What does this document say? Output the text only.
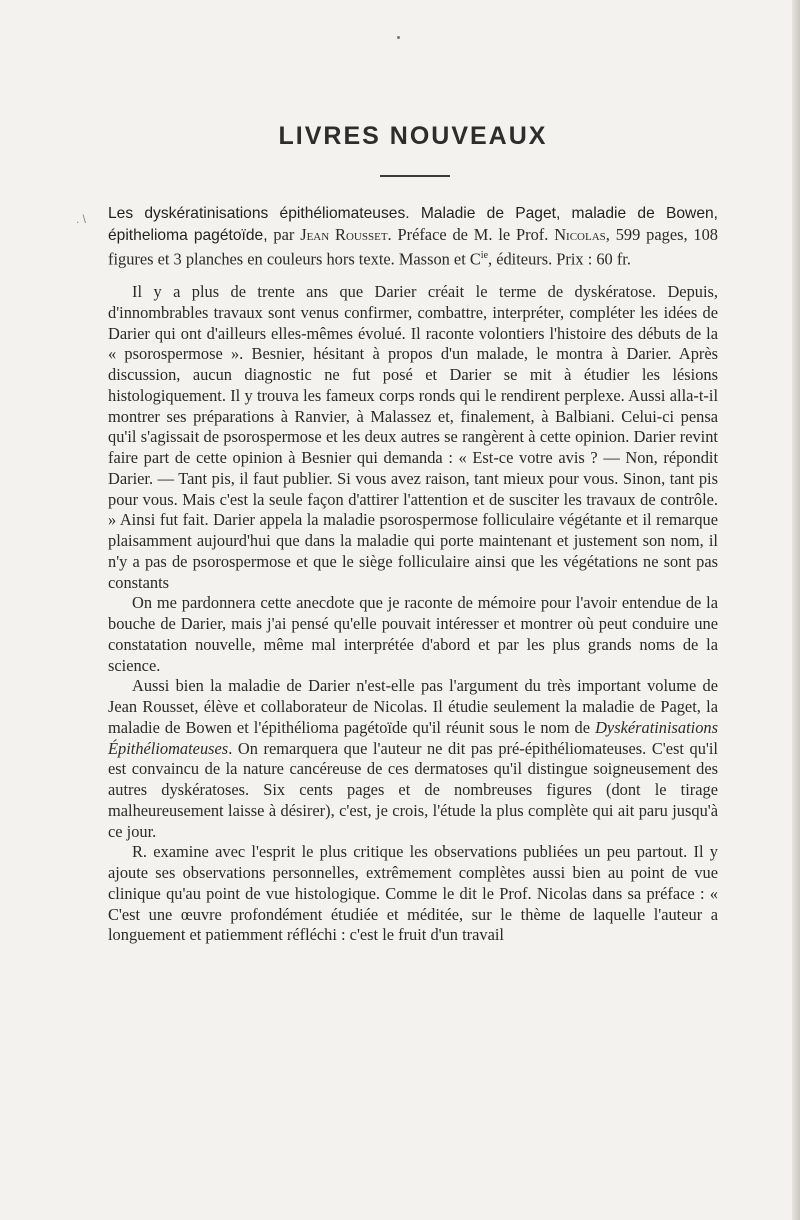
. \
LIVRES NOUVEAUX

Les dyskératinisations épithéliomateuses. Maladie de Paget, maladie de Bowen, épithelioma pagétoïde, par Jean Rousset. Préface de M. le Prof. Nicolas, 599 pages, 108 figures et 3 planches en couleurs hors texte. Masson et $C^{ie}$, éditeurs. Prix : 60 fr.

Il y a plus de trente ans que Darier créait le terme de dyskératose. Depuis, d'innombrables travaux sont venus confirmer, combattre, interpréter, compléter les idées de Darier qui ont d'ailleurs elles-mêmes évolué. Il raconte volontiers l'histoire des débuts de la « psorospermose ». Besnier, hésitant à propos d'un malade, le montra à Darier. Après discussion, aucun diagnostic ne fut posé et Darier se mit à étudier les lésions histologiquement. Il y trouva les fameux corps ronds qui le rendirent perplexe. Aussi alla-t-il montrer ses préparations à Ranvier, à Malassez et, finalement, à Balbiani. Celui-ci pensa qu'il s'agissait de psorospermose et les deux autres se rangèrent à cette opinion. Darier revint faire part de cette opinion à Besnier qui demanda : « Est-ce votre avis ? — Non, répondit Darier. — Tant pis, il faut publier. Si vous avez raison, tant mieux pour vous. Sinon, tant pis pour vous. Mais c'est la seule façon d'attirer l'attention et de susciter les travaux de contrôle. » Ainsi fut fait. Darier appela la maladie psorospermose folliculaire végétante et il remarque plaisamment aujourd'hui que dans la maladie qui porte maintenant et justement son nom, il n'y a pas de psorospermose et que le siège folliculaire ainsi que les végétations ne sont pas constants

On me pardonnera cette anecdote que je raconte de mémoire pour l'avoir entendue de la bouche de Darier, mais j'ai pensé qu'elle pouvait intéresser et montrer où peut conduire une constatation nouvelle, même mal interprétée d'abord et par les plus grands noms de la science.

Aussi bien la maladie de Darier n'est-elle pas l'argument du très important volume de Jean Rousset, élève et collaborateur de Nicolas. Il étudie seulement la maladie de Paget, la maladie de Bowen et l'épithélioma pagétoïde qu'il réunit sous le nom de Dyskératinisations Épithéliomateuses. On remarquera que l'auteur ne dit pas pré-épithéliomateuses. C'est qu'il est convaincu de la nature cancéreuse de ces dermatoses qu'il distingue soigneusement des autres dyskératoses. Six cents pages et de nombreuses figures (dont le tirage malheureusement laisse à désirer), c'est, je crois, l'étude la plus complète qui ait paru jusqu'à ce jour.

R. examine avec l'esprit le plus critique les observations publiées un peu partout. Il y ajoute ses observations personnelles, extrêmement complètes aussi bien au point de vue clinique qu'au point de vue histologique. Comme le dit le Prof. Nicolas dans sa préface : « C'est une œuvre profondément étudiée et méditée, sur le thème de laquelle l'auteur a longuement et patiemment réfléchi : c'est le fruit d'un travail
